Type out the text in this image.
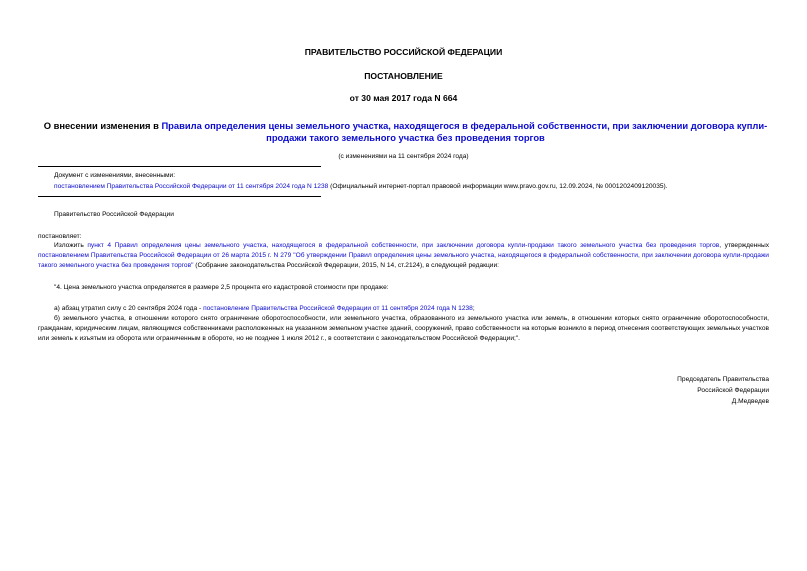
ПРАВИТЕЛЬСТВО РОССИЙСКОЙ ФЕДЕРАЦИИ
ПОСТАНОВЛЕНИЕ
от 30 мая 2017 года N 664
О внесении изменения в Правила определения цены земельного участка, находящегося в федеральной собственности, при заключении договора купли-продажи такого земельного участка без проведения торгов
(с изменениями на 11 сентября 2024 года)
Документ с изменениями, внесенными:
постановлением Правительства Российской Федерации от 11 сентября 2024 года N 1238 (Официальный интернет-портал правовой информации www.pravo.gov.ru, 12.09.2024, № 0001202409120035).
Правительство Российской Федерации
постановляет:
Изложить пункт 4 Правил определения цены земельного участка, находящегося в федеральной собственности, при заключении договора купли-продажи такого земельного участка без проведения торгов, утвержденных постановлением Правительства Российской Федерации от 26 марта 2015 г. N 279 "Об утверждении Правил определения цены земельного участка, находящегося в федеральной собственности, при заключении договора купли-продажи такого земельного участка без проведения торгов" (Собрание законодательства Российской Федерации, 2015, N 14, ст.2124), в следующей редакции:
"4. Цена земельного участка определяется в размере 2,5 процента его кадастровой стоимости при продаже:
а) абзац утратил силу с 20 сентября 2024 года - постановление Правительства Российской Федерации от 11 сентября 2024 года N 1238;
б) земельного участка, в отношении которого снято ограничение оборотоспособности, или земельного участка, образованного из земельного участка или земель, в отношении которых снято ограничение оборотоспособности, гражданам, юридическим лицам, являющимся собственниками расположенных на указанном земельном участке зданий, сооружений, право собственности на которые возникло в период отнесения соответствующих земельных участков или земель к изъятым из оборота или ограниченным в обороте, но не позднее 1 июля 2012 г., в соответствии с законодательством Российской Федерации;".
Председатель Правительства
Российской Федерации
Д.Медведев
